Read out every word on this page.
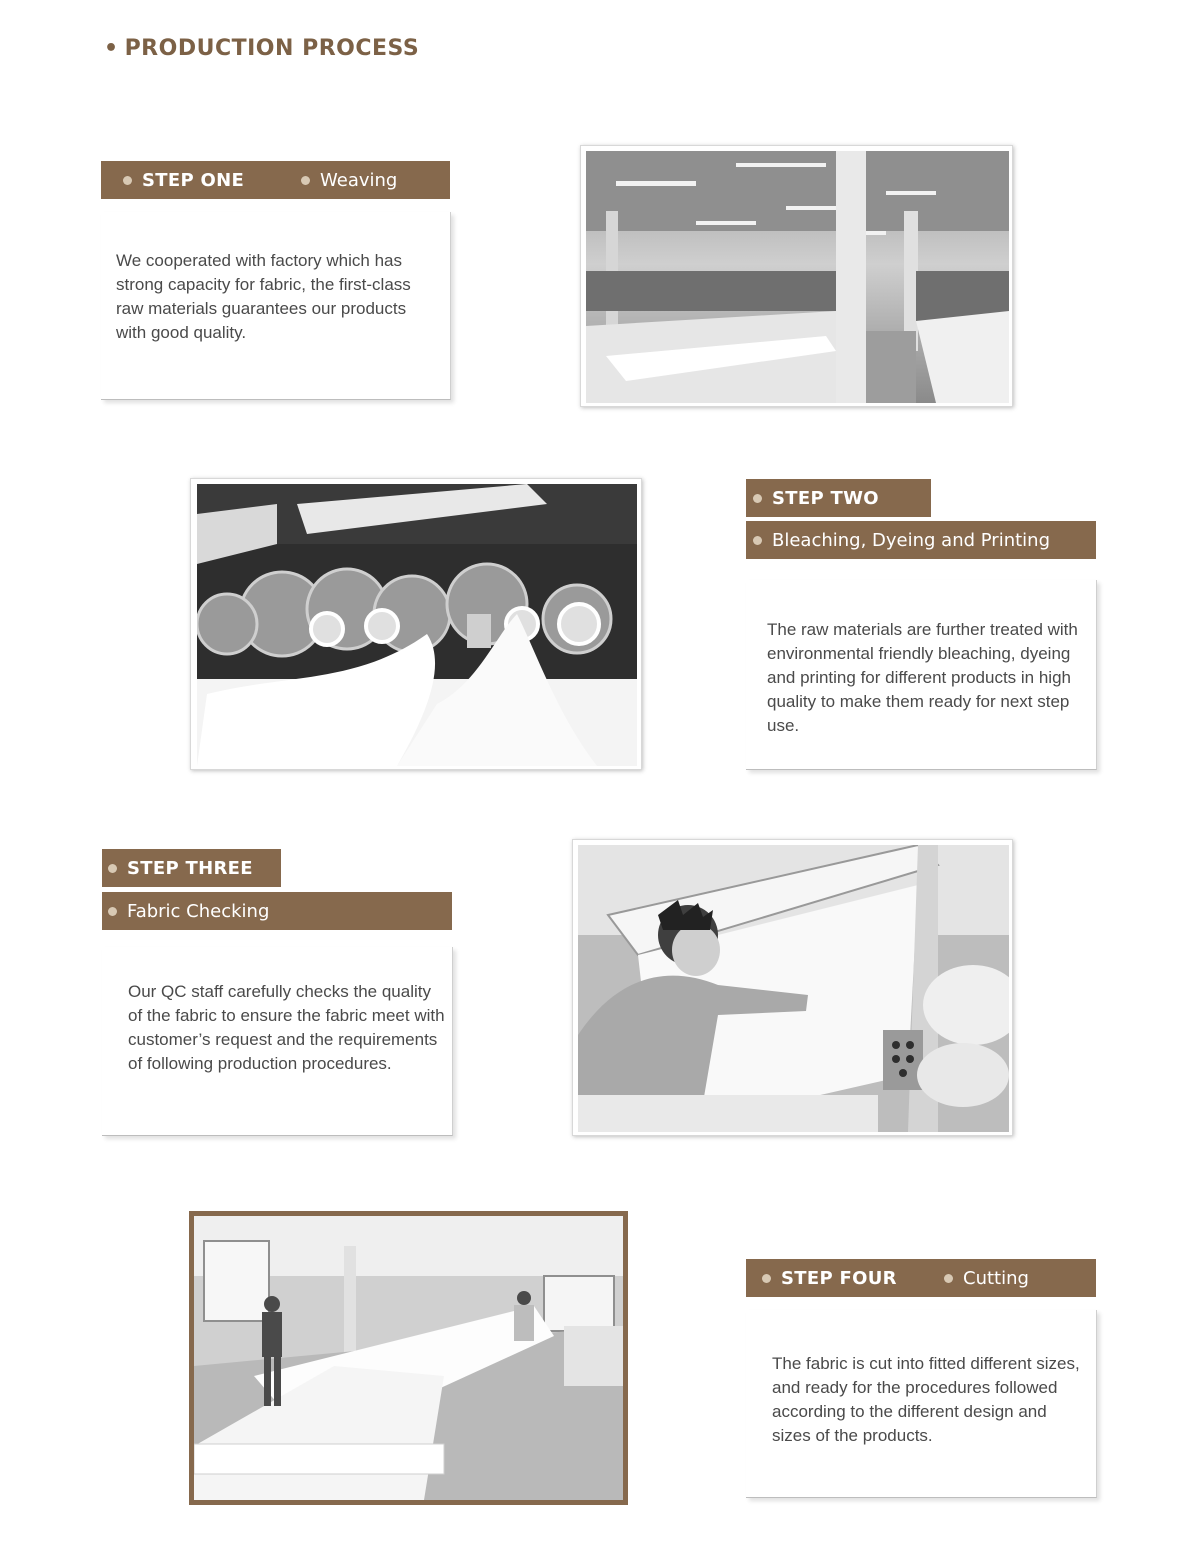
• PRODUCTION PROCESS
STEP ONE	Weaving

We cooperated with factory which has strong capacity for fabric, the first-class raw materials guarantees our products with good quality.

STEP TWO
Bleaching, Dyeing and Printing

The raw materials are further treated with environmental friendly bleaching, dyeing and printing for different products in high quality to make them ready for next step use.

STEP THREE
Fabric Checking

Our QC staff carefully checks the quality of the fabric to ensure the fabric meet with customer’s request and the requirements of following production procedures.

STEP FOUR	Cutting

The fabric is cut into fitted different sizes, and ready for the procedures followed according to the different design and sizes of the products.
